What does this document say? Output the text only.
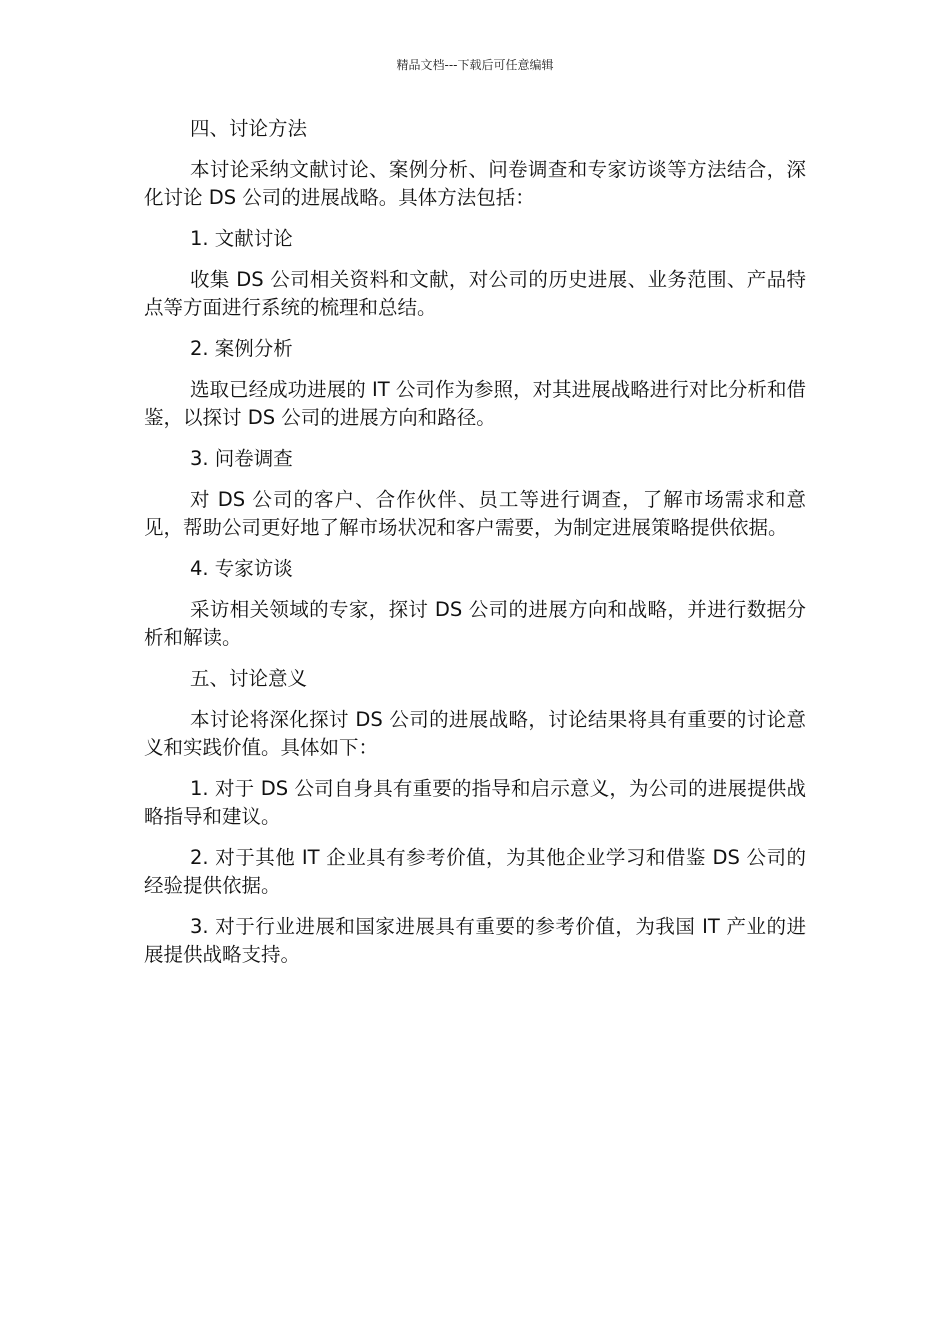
精品文档---下载后可任意编辑

四、讨论方法

本讨论采纳文献讨论、案例分析、问卷调查和专家访谈等方法结合，深化讨论 DS 公司的进展战略。具体方法包括：

1. 文献讨论

收集 DS 公司相关资料和文献，对公司的历史进展、业务范围、产品特点等方面进行系统的梳理和总结。

2. 案例分析

选取已经成功进展的 IT 公司作为参照，对其进展战略进行对比分析和借鉴，以探讨 DS 公司的进展方向和路径。

3. 问卷调查

对 DS 公司的客户、合作伙伴、员工等进行调查，了解市场需求和意见，帮助公司更好地了解市场状况和客户需要，为制定进展策略提供依据。

4. 专家访谈

采访相关领域的专家，探讨 DS 公司的进展方向和战略，并进行数据分析和解读。

五、讨论意义

本讨论将深化探讨 DS 公司的进展战略，讨论结果将具有重要的讨论意义和实践价值。具体如下：

1. 对于 DS 公司自身具有重要的指导和启示意义，为公司的进展提供战略指导和建议。

2. 对于其他 IT 企业具有参考价值，为其他企业学习和借鉴 DS 公司的经验提供依据。

3. 对于行业进展和国家进展具有重要的参考价值，为我国 IT 产业的进展提供战略支持。
